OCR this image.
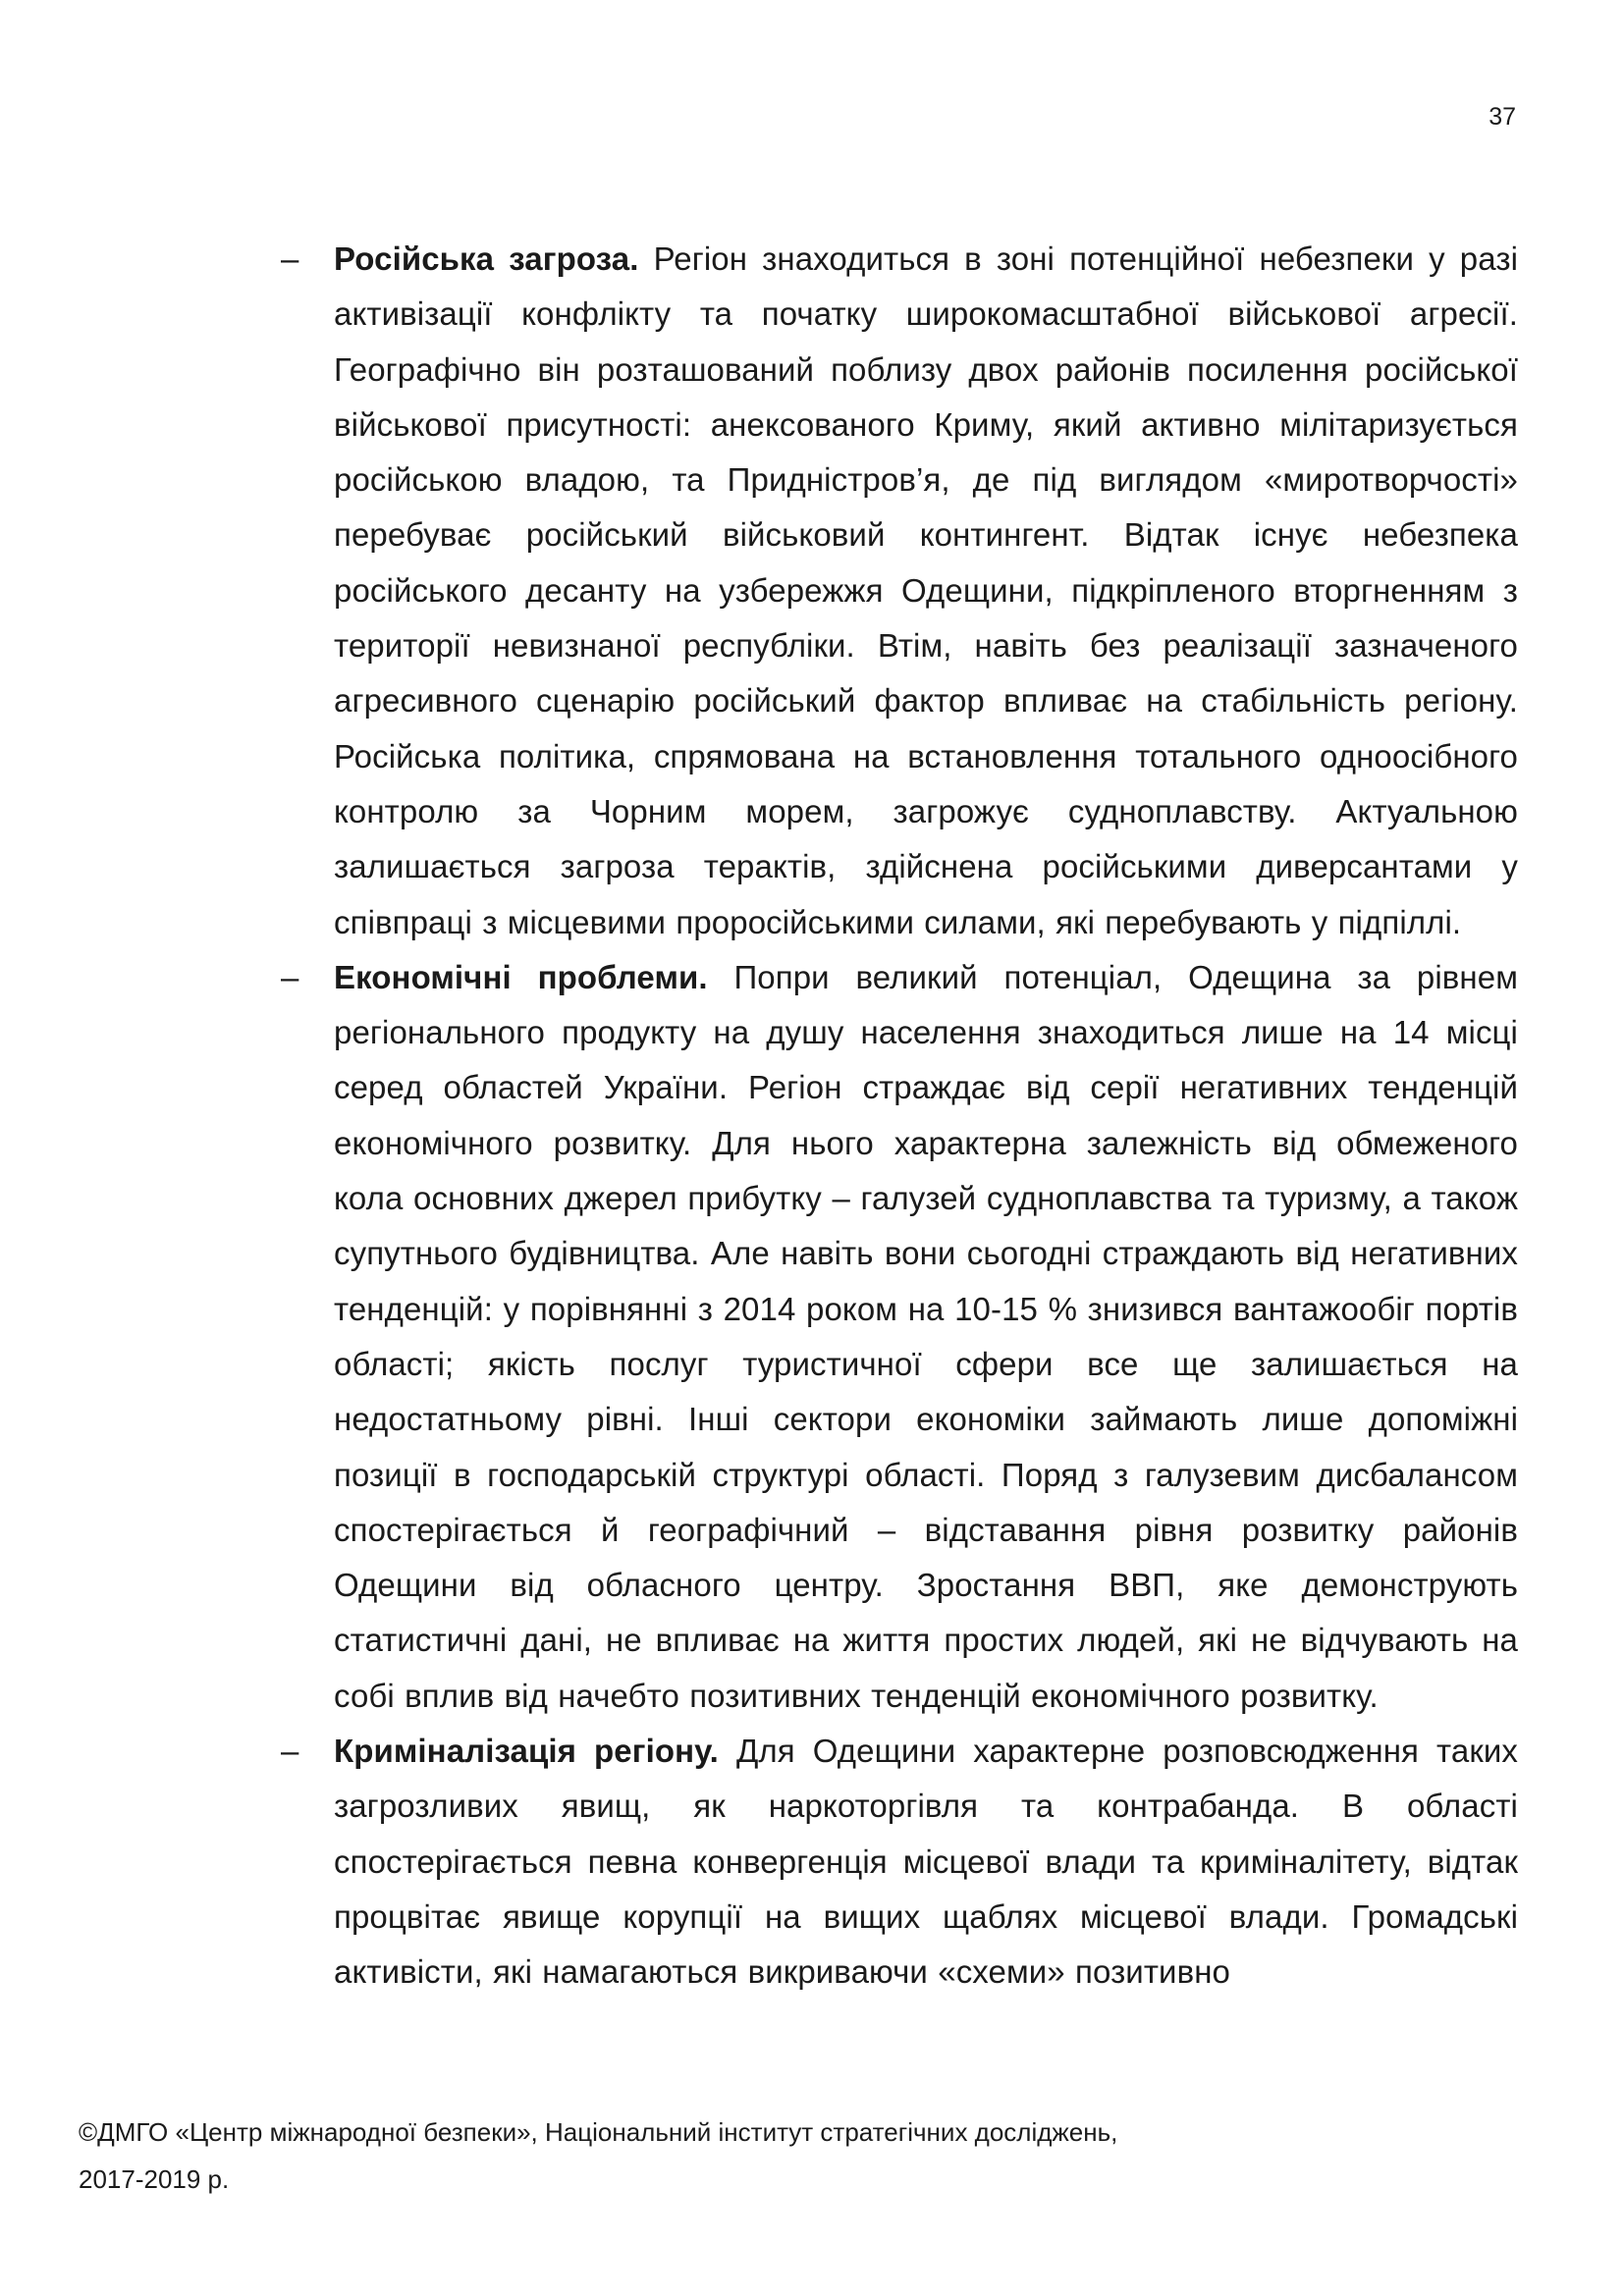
37
– Російська загроза. Регіон знаходиться в зоні потенційної небезпеки у разі активізації конфлікту та початку широкомасштабної військової агресії. Географічно він розташований поблизу двох районів посилення російської військової присутності: анексованого Криму, який активно мілітаризується російською владою, та Придністров’я, де під виглядом «миротворчості» перебуває російський військовий контингент. Відтак існує небезпека російського десанту на узбережжя Одещини, підкріпленого вторгненням з території невизнаної республіки. Втім, навіть без реалізації зазначеного агресивного сценарію російський фактор впливає на стабільність регіону. Російська політика, спрямована на встановлення тотального одноосібного контролю за Чорним морем, загрожує судноплавству. Актуальною залишається загроза терактів, здійснена російськими диверсантами у співпраці з місцевими проросійськими силами, які перебувають у підпіллі.
– Економічні проблеми. Попри великий потенціал, Одещина за рівнем регіонального продукту на душу населення знаходиться лише на 14 місці серед областей України. Регіон страждає від серії негативних тенденцій економічного розвитку. Для нього характерна залежність від обмеженого кола основних джерел прибутку – галузей судноплавства та туризму, а також супутнього будівництва. Але навіть вони сьогодні страждають від негативних тенденцій: у порівнянні з 2014 роком на 10-15 % знизився вантажообіг портів області; якість послуг туристичної сфери все ще залишається на недостатньому рівні. Інші сектори економіки займають лише допоміжні позиції в господарській структурі області. Поряд з галузевим дисбалансом спостерігається й географічний – відставання рівня розвитку районів Одещини від обласного центру. Зростання ВВП, яке демонструють статистичні дані, не впливає на життя простих людей, які не відчувають на собі вплив від начебто позитивних тенденцій економічного розвитку.
– Криміналізація регіону. Для Одещини характерне розповсюдження таких загрозливих явищ, як наркоторгівля та контрабанда. В області спостерігається певна конвергенція місцевої влади та криміналітету, відтак процвітає явище корупції на вищих щаблях місцевої влади. Громадські активісти, які намагаються викриваючи «схеми» позитивно
©ДМГО «Центр міжнародної безпеки», Національний інститут стратегічних досліджень,
2017-2019 р.
